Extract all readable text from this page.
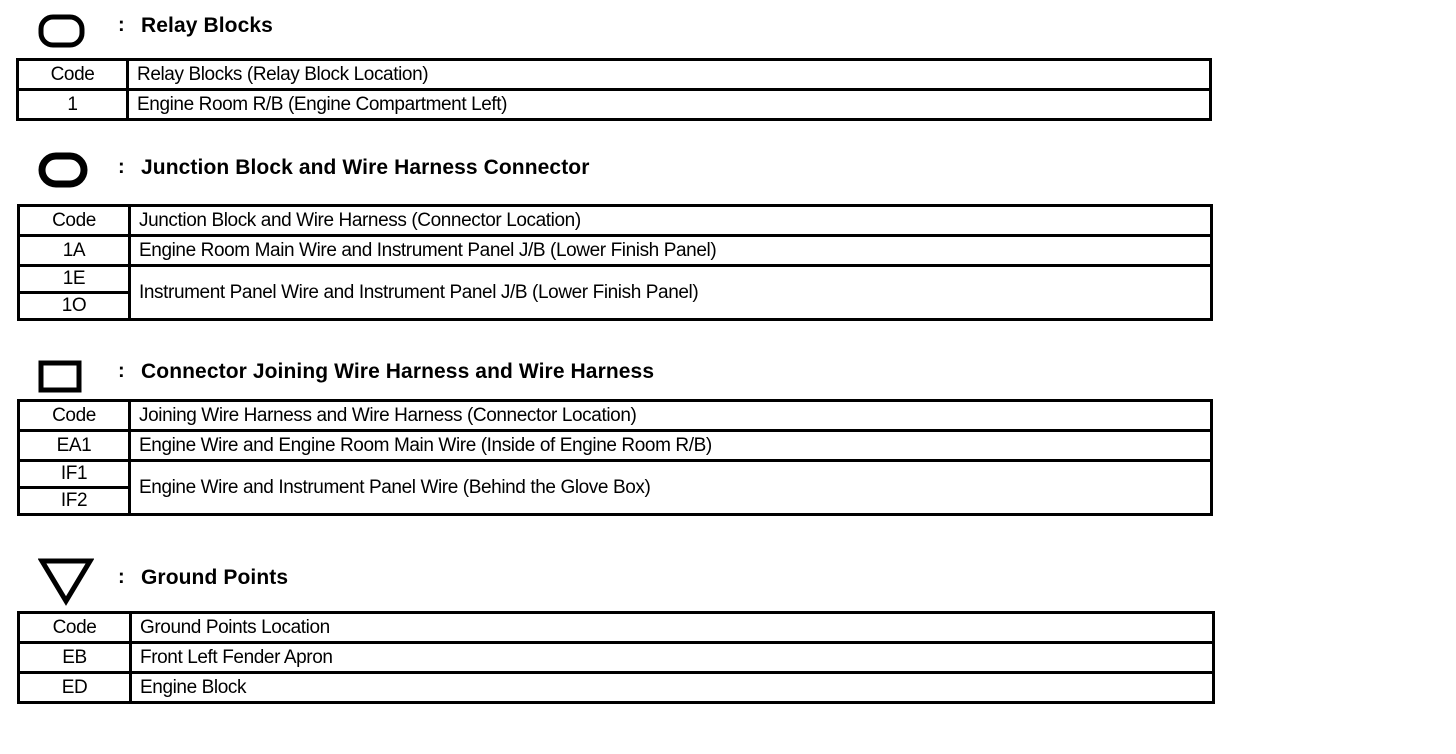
: Relay Blocks
Code	Relay Blocks (Relay Block Location)
1	Engine Room R/B (Engine Compartment Left)
: Junction Block and Wire Harness Connector
Code	Junction Block and Wire Harness (Connector Location)
1A	Engine Room Main Wire and Instrument Panel J/B (Lower Finish Panel)
1E	Instrument Panel Wire and Instrument Panel J/B (Lower Finish Panel)
1O	
: Connector Joining Wire Harness and Wire Harness
Code	Joining Wire Harness and Wire Harness (Connector Location)
EA1	Engine Wire and Engine Room Main Wire (Inside of Engine Room R/B)
IF1	Engine Wire and Instrument Panel Wire (Behind the Glove Box)
IF2	
: Ground Points
Code	Ground Points Location
EB	Front Left Fender Apron
ED	Engine Block
